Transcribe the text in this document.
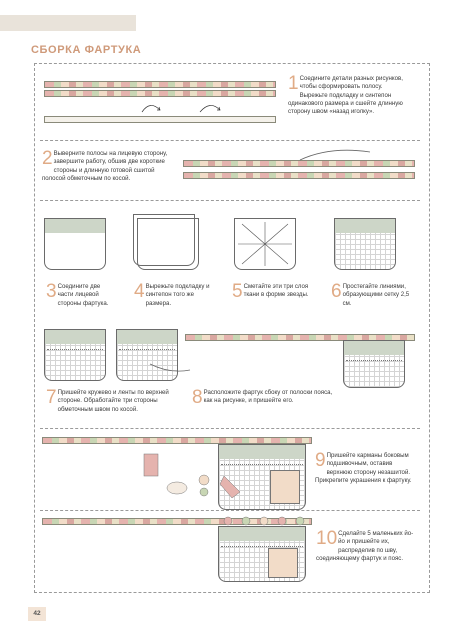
СБОРКА ФАРТУКА
1 Соедините детали разных рисунков, чтобы сформировать полосу. Вырежьте подкладку и синтепон одинакового размера и сшейте длинную сторону швом «назад иголку».
2 Выверните полосы на лицевую сторону, завершите работу, обшив две короткие стороны и длинную готовой сшитой полосой обметочным по косой.
3 Соедините две части лицевой стороны фартука.
4 Вырежьте подкладку и синтепон того же размера.
5 Сметайте эти три слоя ткани в форме звезды. 6 Простегайте линиями, образующими сетку 2,5 см.
7 Пришейте кружево и ленты по верхней стороне. Обработайте три стороны обметочным швом по косой.
8 Расположите фартук сбоку от полоски пояса, как на рисунке, и пришейте его.
9 Пришейте карманы боковым подшивочным, оставив верхнюю сторону незашитой. Прикрепите украшения к фартуку.
10 Сделайте 5 маленьких йо-йо и пришейте их, распределив по шву, соединяющему фартук и пояс.
42
